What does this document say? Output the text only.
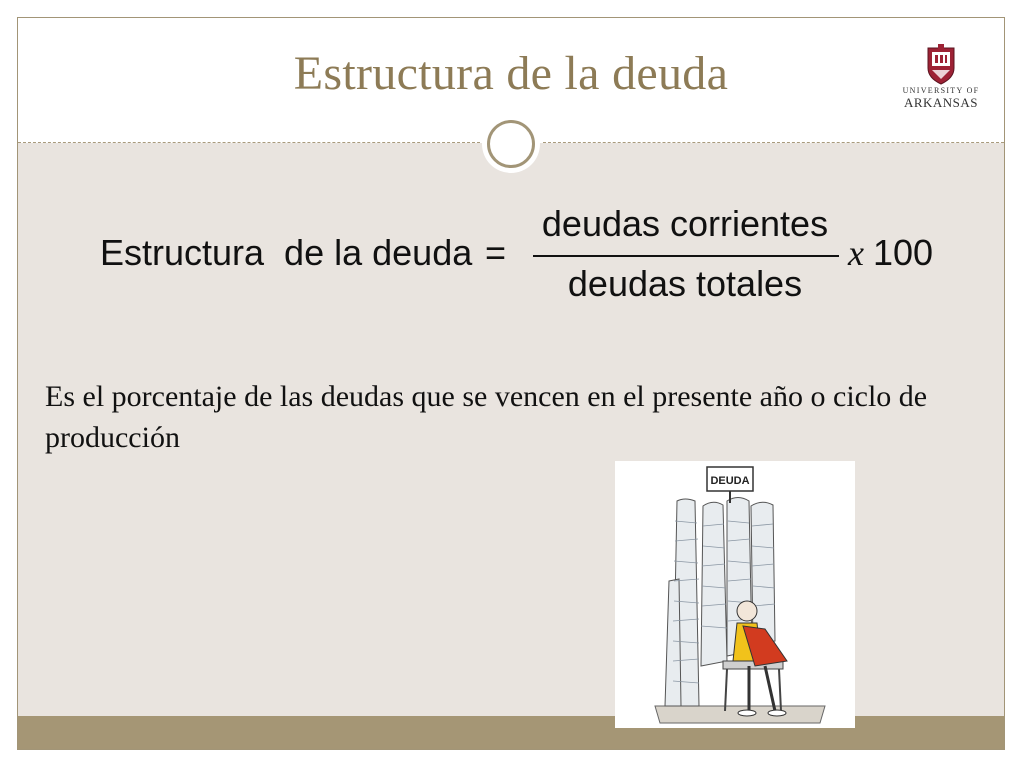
Estructura de la deuda	UNIVERSITY OF
ARKANSAS
Estructura  de la deuda =
deudas corrientes
deudas totales
x 100
Es el porcentaje de las deudas que se vencen en el presente año o ciclo de producción
DEUDA
